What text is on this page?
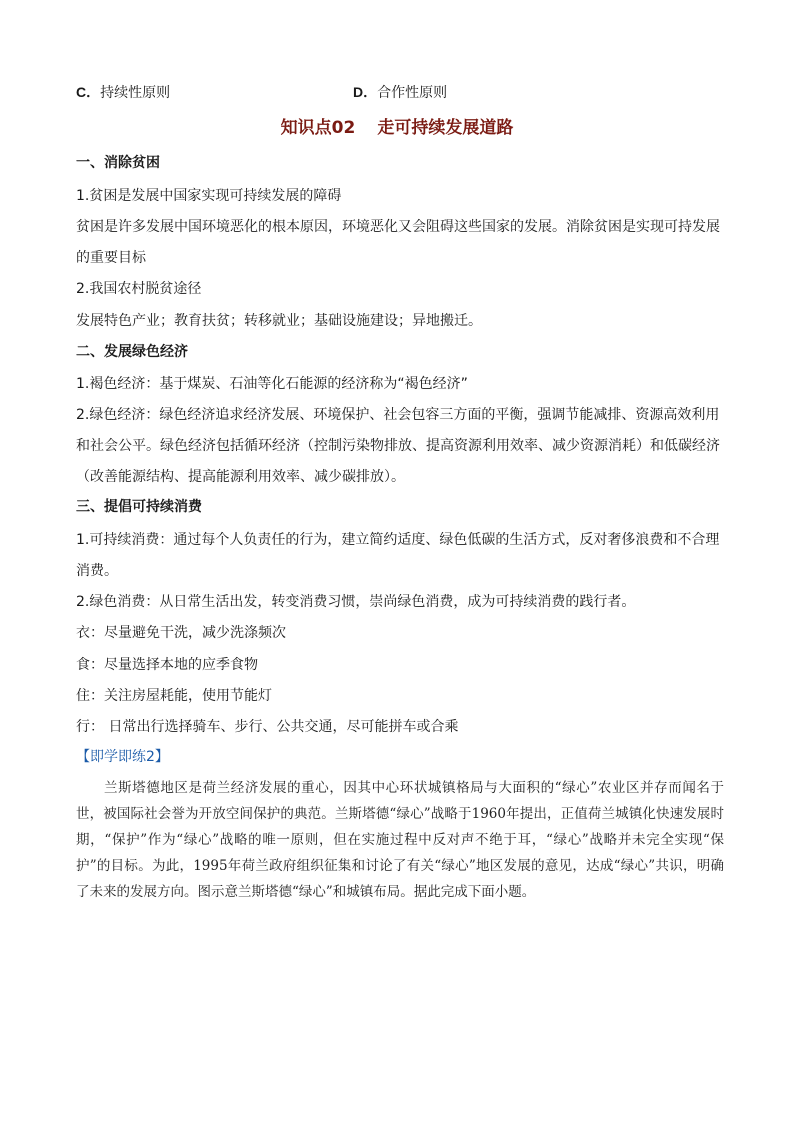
C．持续性原则	D．合作性原则
知识点02 走可持续发展道路
一、消除贫困
1.贫困是发展中国家实现可持续发展的障碍
贫困是许多发展中国环境恶化的根本原因，环境恶化又会阻碍这些国家的发展。消除贫困是实现可持发展
的重要目标
2.我国农村脱贫途径
发展特色产业；教育扶贫；转移就业；基础设施建设；异地搬迁。
二、发展绿色经济
1.褐色经济：基于煤炭、石油等化石能源的经济称为“褐色经济”
2.绿色经济：绿色经济追求经济发展、环境保护、社会包容三方面的平衡，强调节能减排、资源高效利用
和社会公平。绿色经济包括循环经济（控制污染物排放、提高资源利用效率、减少资源消耗）和低碳经济
（改善能源结构、提高能源利用效率、减少碳排放）。
三、提倡可持续消费
1.可持续消费：通过每个人负责任的行为，建立简约适度、绿色低碳的生活方式，反对奢侈浪费和不合理
消费。
2.绿色消费：从日常生活出发，转变消费习惯，崇尚绿色消费，成为可持续消费的践行者。
衣：尽量避免干洗，减少洗涤频次
食：尽量选择本地的应季食物
住：关注房屋耗能，使用节能灯
行： 日常出行选择骑车、步行、公共交通，尽可能拼车或合乘
【即学即练2】

兰斯塔德地区是荷兰经济发展的重心，因其中心环状城镇格局与大面积的“绿心”农业区并存而闻名于世，被国际社会誉为开放空间保护的典范。兰斯塔德“绿心”战略于1960年提出，正值荷兰城镇化快速发展时期，“保护”作为“绿心”战略的唯一原则，但在实施过程中反对声不绝于耳，“绿心”战略并未完全实现“保护”的目标。为此，1995年荷兰政府组织征集和讨论了有关“绿心”地区发展的意见，达成“绿心”共识，明确了未来的发展方向。图示意兰斯塔德“绿心”和城镇布局。据此完成下面小题。
